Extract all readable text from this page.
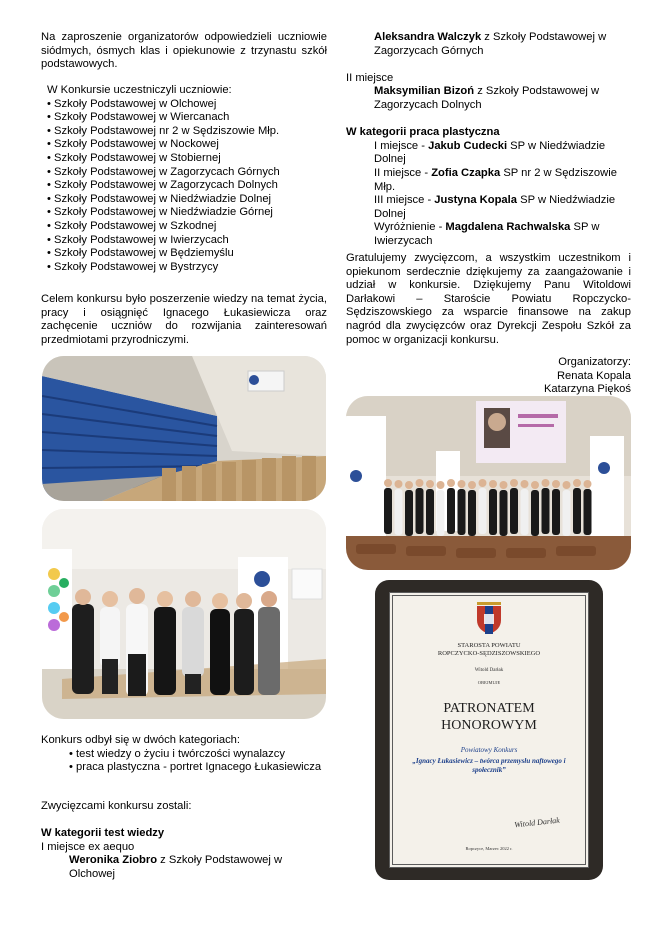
Na zaproszenie organizatorów odpowiedzieli uczniowie siódmych, ósmych klas i opiekunowie z trzynastu szkół podstawowych.
W Konkursie uczestniczyli uczniowie:
• Szkoły Podstawowej w Olchowej
• Szkoły Podstawowej w Wiercanach
• Szkoły Podstawowej nr 2 w Sędziszowie Młp.
• Szkoły Podstawowej w Nockowej
• Szkoły Podstawowej w Stobiernej
• Szkoły Podstawowej w Zagorzycach Górnych
• Szkoły Podstawowej w Zagorzycach Dolnych
• Szkoły Podstawowej w Niedźwiadzie Dolnej
• Szkoły Podstawowej w Niedźwiadzie Górnej
• Szkoły Podstawowej w Szkodnej
• Szkoły Podstawowej w Iwierzycach
• Szkoły Podstawowej w Będziemyślu
• Szkoły Podstawowej w Bystrzycy
Celem konkursu było poszerzenie wiedzy na temat życia, pracy i osiągnięć Ignacego Łukasiewicza oraz zachęcenie uczniów do rozwijania zainteresowań przedmiotami przyrodniczymi.
Konkurs odbył się w dwóch kategoriach:
• test wiedzy o życiu i twórczości wynalazcy
• praca plastyczna - portret Ignacego Łukasiewicza
Zwycięzcami konkursu zostali:
W kategorii test wiedzy
I miejsce ex aequo
Weronika Ziobro z Szkoły Podstawowej w Olchowej
Aleksandra Walczyk z Szkoły Podstawowej w Zagorzycach Górnych
II miejsce
Maksymilian Bizoń z Szkoły Podstawowej w Zagorzycach Dolnych
W kategorii praca plastyczna
I miejsce - Jakub Cudecki SP w Niedźwiadzie Dolnej
II miejsce - Zofia Czapka SP nr 2 w Sędziszowie Młp.
III miejsce - Justyna Kopala SP w Niedźwiadzie Dolnej
Wyróżnienie - Magdalena Rachwalska SP w Iwierzycach
Gratulujemy zwycięzcom, a wszystkim uczestnikom i opiekunom serdecznie dziękujemy za zaangażowanie i udział w konkursie. Dziękujemy Panu Witoldowi Darłakowi – Staroście Powiatu Ropczycko-Sędziszowskiego za wsparcie finansowe na zakup nagród dla zwycięzców oraz Dyrekcji Zespołu Szkół za pomoc w organizacji konkursu.
Organizatorzy:
Renata Kopala
Katarzyna Piękoś
STAROSTA POWIATU
ROPCZYCKO-SĘDZISZOWSKIEGO
Witold Darłak
OBEJMUJE
PATRONATEM
HONOROWYM
Powiatowy Konkurs
„Ignacy Łukasiewicz – twórca przemysłu naftowego i społecznik”
Witold Darłak
Ropczyce, Marzec 2022 r.
